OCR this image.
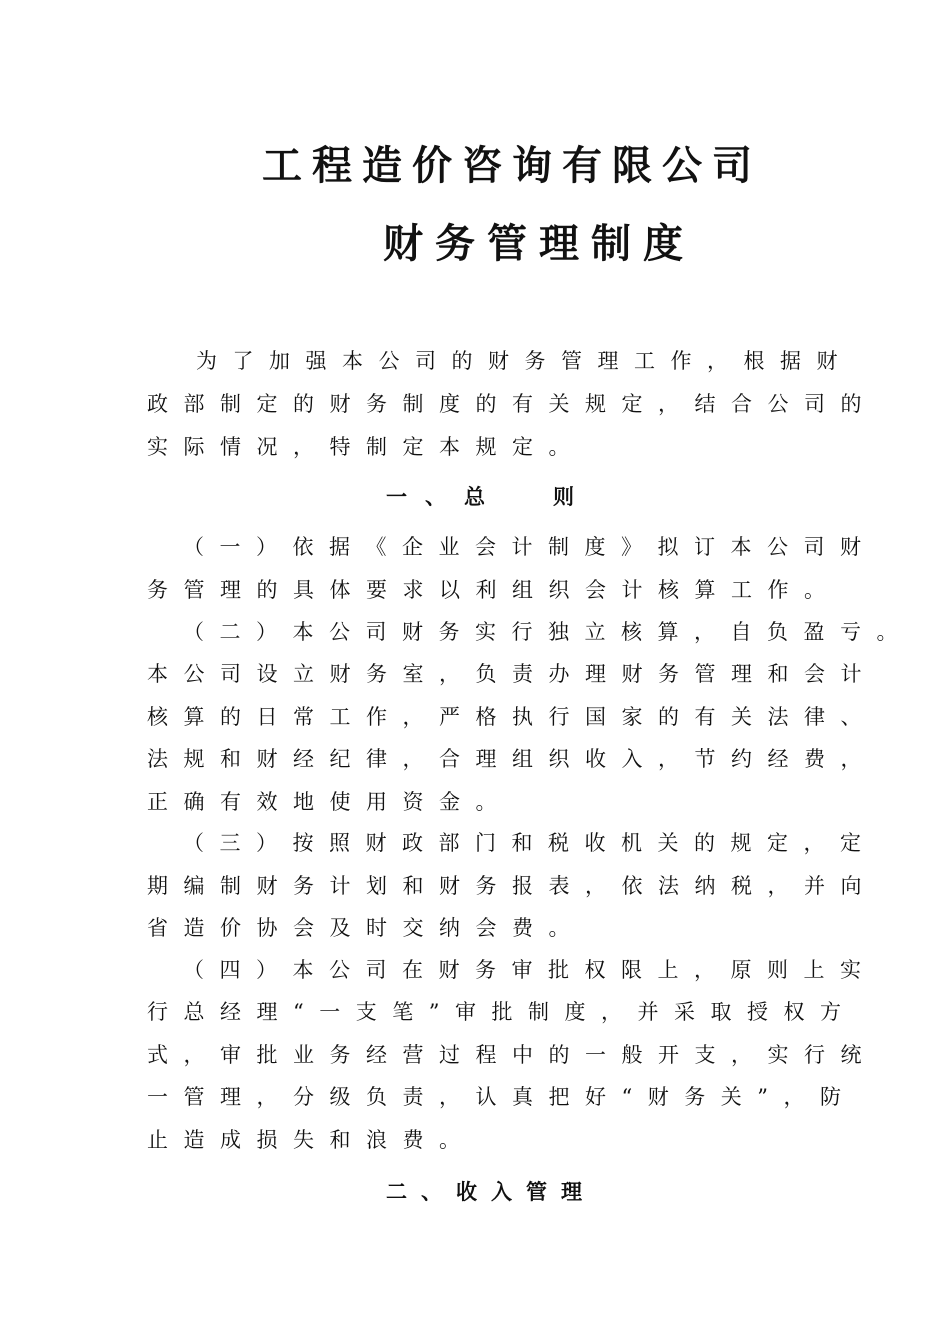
工程造价咨询有限公司
财务管理制度
为了加强本公司的财务管理工作，根据财
政部制定的财务制度的有关规定，结合公司的
实际情况，特制定本规定。
一、总 则
（一）依据《企业会计制度》拟订本公司财
务管理的具体要求以利组织会计核算工作。
（二）本公司财务实行独立核算，自负盈亏。
本公司设立财务室，负责办理财务管理和会计
核算的日常工作，严格执行国家的有关法律、
法规和财经纪律，合理组织收入，节约经费，
正确有效地使用资金。
（三）按照财政部门和税收机关的规定，定
期编制财务计划和财务报表，依法纳税，并向
省造价协会及时交纳会费。
（四）本公司在财务审批权限上，原则上实
行总经理“一支笔”审批制度，并采取授权方
式，审批业务经营过程中的一般开支，实行统
一管理，分级负责，认真把好“财务关”，防
止造成损失和浪费。
二、收入管理
